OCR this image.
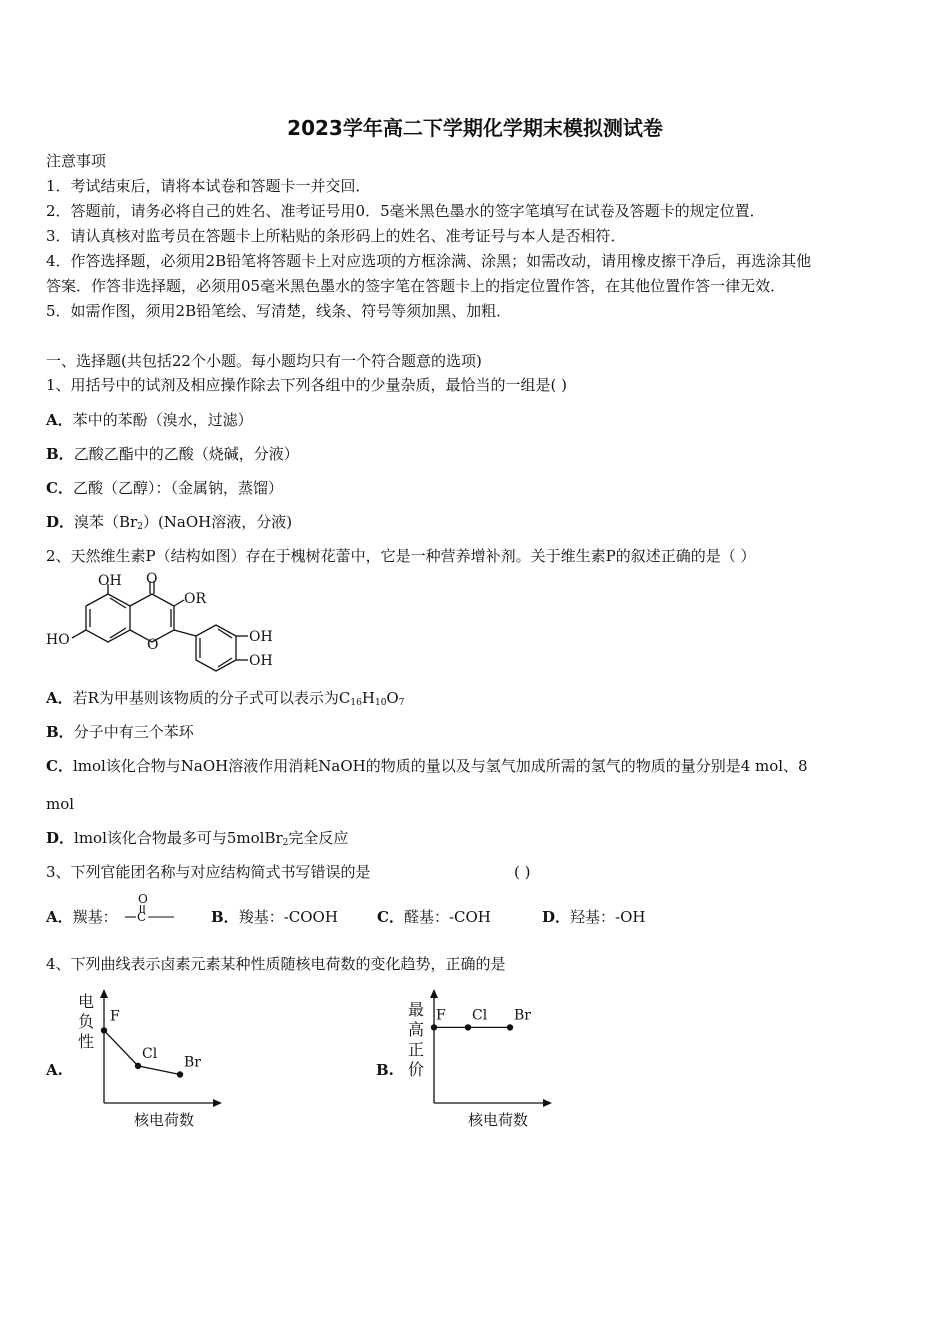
2023学年高二下学期化学期末模拟测试卷
注意事项
1．考试结束后，请将本试卷和答题卡一并交回．
2．答题前，请务必将自己的姓名、准考证号用0．5毫米黑色墨水的签字笔填写在试卷及答题卡的规定位置．
3．请认真核对监考员在答题卡上所粘贴的条形码上的姓名、准考证号与本人是否相符．
4．作答选择题，必须用2B铅笔将答题卡上对应选项的方框涂满、涂黑；如需改动，请用橡皮擦干净后，再选涂其他
答案．作答非选择题，必须用05毫米黑色墨水的签字笔在答题卡上的指定位置作答，在其他位置作答一律无效．
5．如需作图，须用2B铅笔绘、写清楚，线条、符号等须加黑、加粗．
一、选择题(共包括22个小题。每小题均只有一个符合题意的选项)
1、用括号中的试剂及相应操作除去下列各组中的少量杂质，最恰当的一组是( )
A．苯中的苯酚（溴水，过滤）
B．乙酸乙酯中的乙酸（烧碱，分液）
C．乙酸（乙醇）：（金属钠，蒸馏）
D．溴苯$(Br_2)(NaOH$溶液，分液)
2、天然维生素P（结构如图）存在于槐树花蕾中，它是一种营养增补剂。关于维生素P的叙述正确的是（ ）
OH O
OR
HO	O	OH
OH
A．若R为甲基则该物质的分子式可以表示为$C_{16}H_{10}O_7$
B．分子中有三个苯环
C．lmol该化合物与NaOH溶液作用消耗NaOH的物质的量以及与氢气加成所需的氢气的物质的量分别是4 mol、8
mol
D．lmol该化合物最多可与5molBr$_2$完全反应
3、下列官能团名称与对应结构简式书写错误的是	( )
A．羰基：
O
C	B．羧基：-COOH	C．醛基：-COH	D．羟基：-OH
4、下列曲线表示卤素元素某种性质随核电荷数的变化趋势，正确的是
A.
电
负
性
F
Cl
Br
核电荷数
B.
最
高
正
价
F Cl Br
核电荷数
